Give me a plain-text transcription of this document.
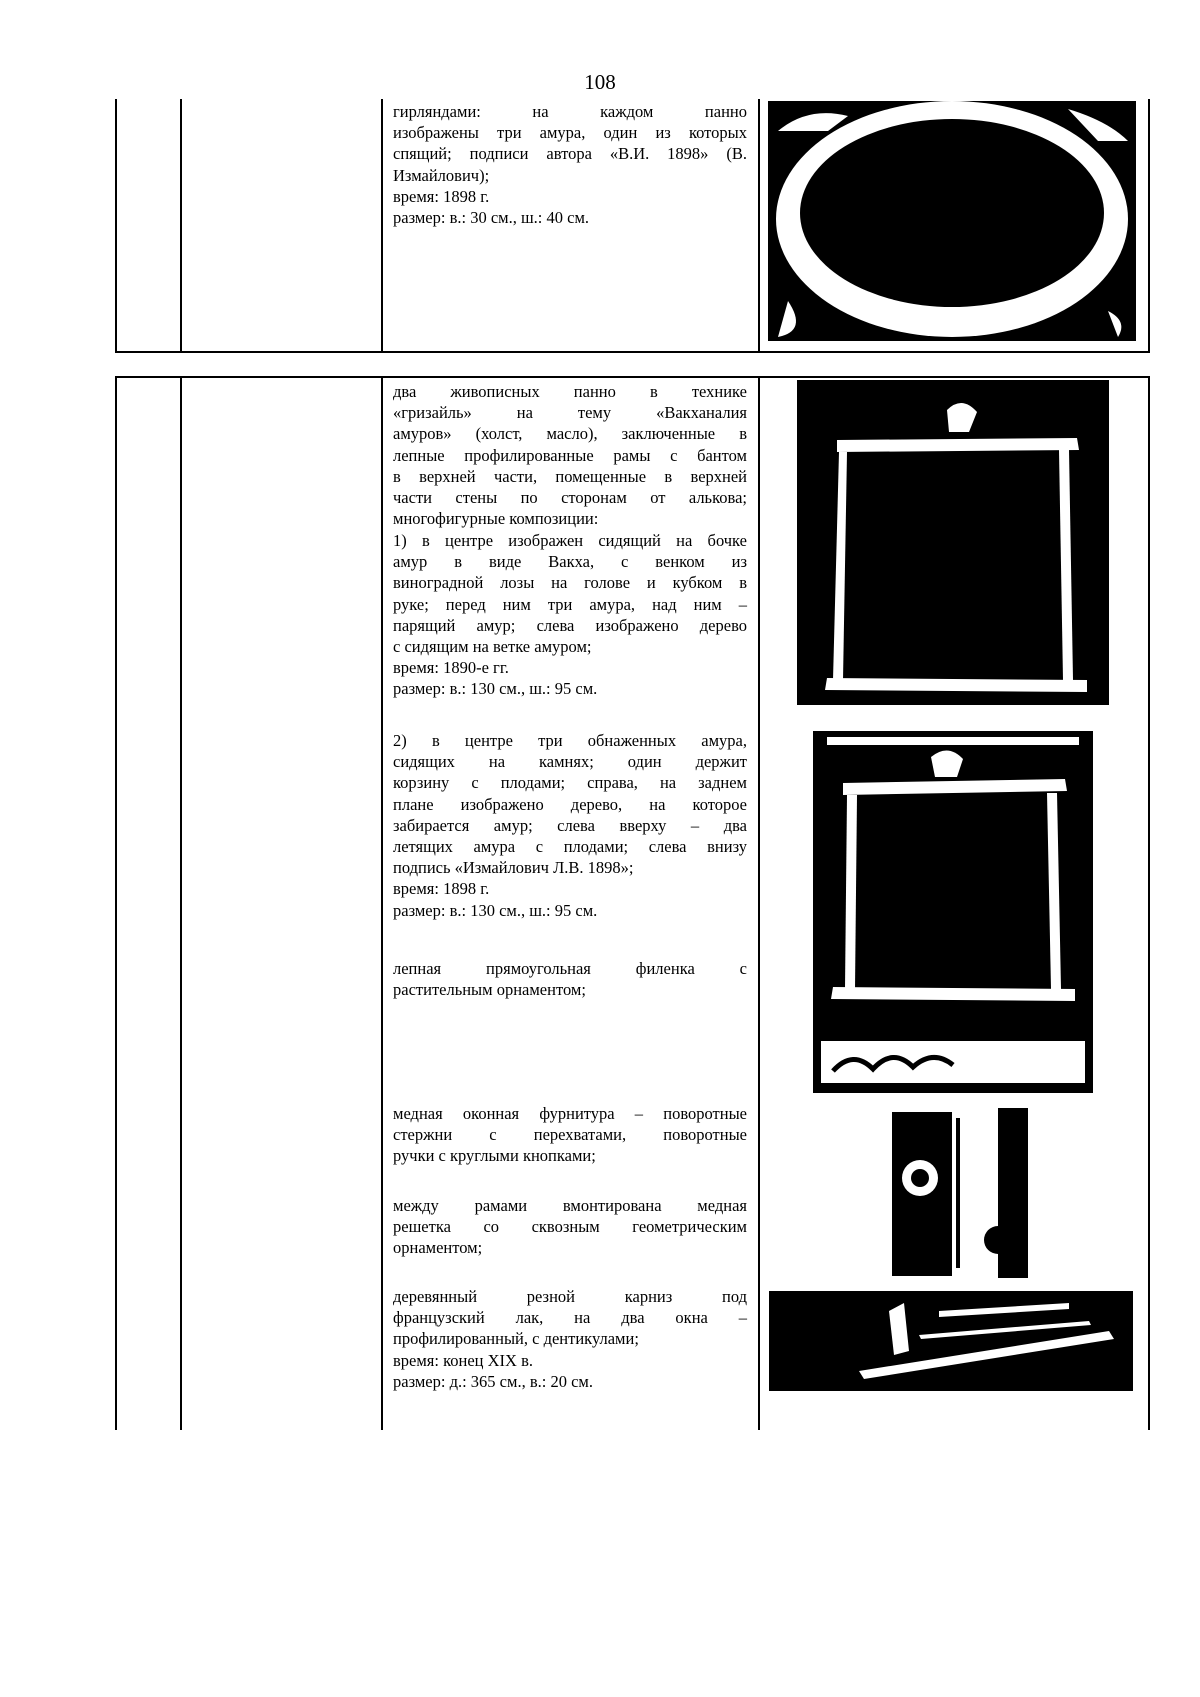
108

гирляндами: на каждом панно

изображены три амура, один из которых

спящий; подписи автора «В.И. 1898» (В.

Измайлович);

время: 1898 г.

размер: в.: 30 см., ш.: 40 см.

два живописных панно в технике

«гризайль» на тему «Вакханалия

амуров» (холст, масло), заключенные в

лепные профилированные рамы с бантом

в верхней части, помещенные в верхней

части стены по сторонам от алькова;

многофигурные композиции:

1) в центре изображен сидящий на бочке

амур в виде Вакха, с венком из

виноградной лозы на голове и кубком в

руке; перед ним три амура, над ним –

парящий амур; слева изображено дерево

с сидящим на ветке амуром;

время: 1890-е гг.

размер: в.: 130 см., ш.: 95 см.

2) в центре три обнаженных амура,

сидящих на камнях; один держит

корзину с плодами; справа, на заднем

плане изображено дерево, на которое

забирается амур; слева вверху – два

летящих амура с плодами; слева внизу

подпись «Измайлович Л.В. 1898»;

время: 1898 г.

размер: в.: 130 см., ш.: 95 см.

лепная прямоугольная филенка с

растительным орнаментом;

медная оконная фурнитура – поворотные

стержни с перехватами, поворотные

ручки с круглыми кнопками;

между рамами вмонтирована медная

решетка со сквозным геометрическим

орнаментом;

деревянный резной карниз под

французский лак, на два окна –

профилированный, с дентикулами;

время: конец XIX в.

размер: д.: 365 см., в.: 20 см.
